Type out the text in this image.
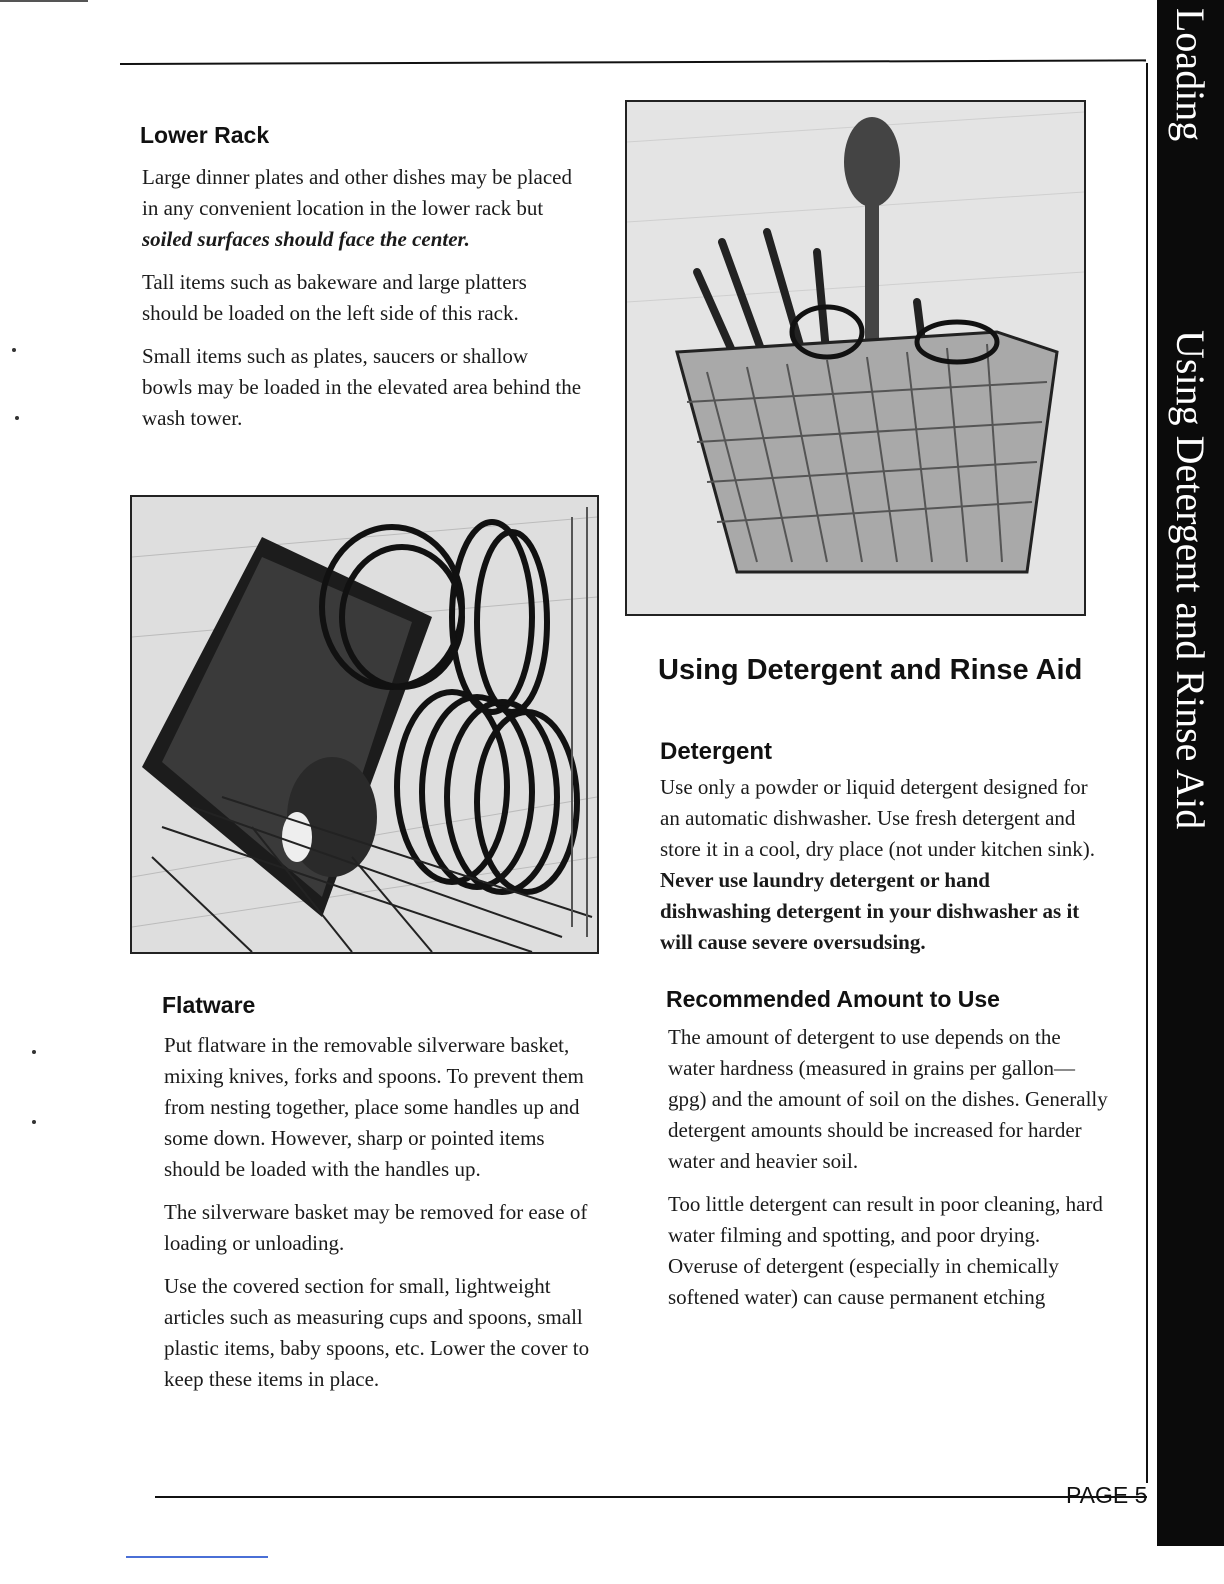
Loading
Using Detergent and Rinse Aid
Lower Rack

Large dinner plates and other dishes may be placed in any convenient location in the lower rack but soiled surfaces should face the center.

Tall items such as bakeware and large platters should be loaded on the left side of this rack.

Small items such as plates, saucers or shallow bowls may be loaded in the elevated area behind the wash tower.

Flatware

Put flatware in the removable silverware basket, mixing knives, forks and spoons. To prevent them from nesting together, place some handles up and some down. However, sharp or pointed items should be loaded with the handles up.

The silverware basket may be removed for ease of loading or unloading.

Use the covered section for small, lightweight articles such as measuring cups and spoons, small plastic items, baby spoons, etc. Lower the cover to keep these items in place.

Using Detergent and Rinse Aid
Detergent

Use only a powder or liquid detergent designed for an automatic dishwasher. Use fresh detergent and store it in a cool, dry place (not under kitchen sink). Never use laundry detergent or hand dishwashing detergent in your dishwasher as it will cause severe oversudsing.

Recommended Amount to Use

The amount of detergent to use depends on the water hardness (measured in grains per gallon—gpg) and the amount of soil on the dishes. Generally detergent amounts should be increased for harder water and heavier soil.

Too little detergent can result in poor cleaning, hard water filming and spotting, and poor drying. Overuse of detergent (especially in chemically softened water) can cause permanent etching

PAGE 5
